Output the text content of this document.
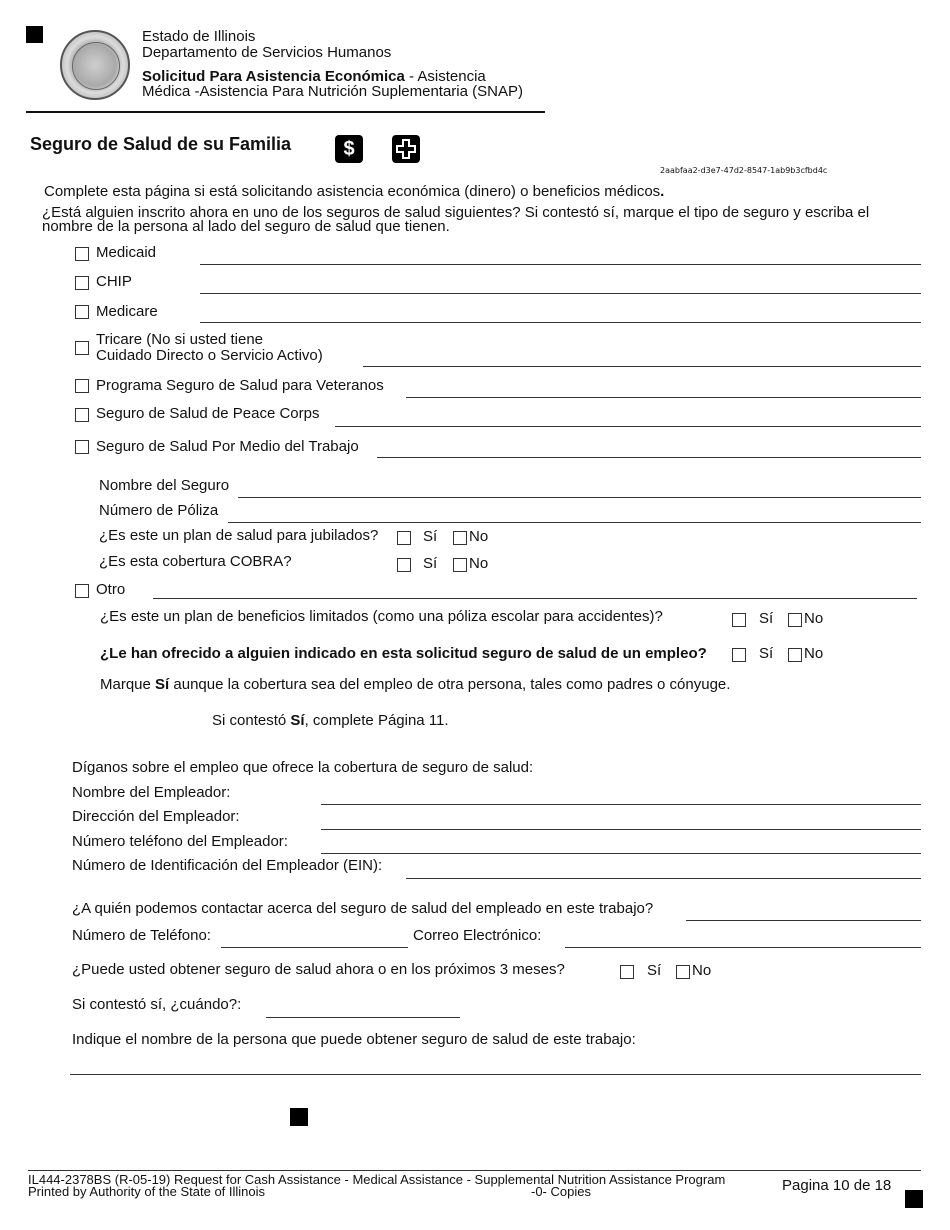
Estado de Illinois
Departamento de Servicios Humanos
Solicitud Para Asistencia Económica - Asistencia
Médica -Asistencia Para Nutrición Suplementaria (SNAP)
Seguro de Salud de su Familia	$
2aabfaa2-d3e7-47d2-8547-1ab9b3cfbd4c
Complete esta página si está solicitando asistencia económica (dinero) o beneficios médicos.
¿Está alguien inscrito ahora en uno de los seguros de salud siguientes? Si contestó sí, marque el tipo de seguro y escriba el
nombre de la persona al lado del seguro de salud que tienen.
Medicaid
CHIP
Medicare
Tricare (No si usted tiene
Cuidado Directo o Servicio Activo)
Programa Seguro de Salud para Veteranos
Seguro de Salud de Peace Corps
Seguro de Salud Por Medio del Trabajo
Nombre del Seguro
Número de Póliza
¿Es este un plan de salud para jubilados?	Sí No
¿Es esta cobertura COBRA?	Sí No
Otro
¿Es este un plan de beneficios limitados (como una póliza escolar para accidentes)?	Sí No
¿Le han ofrecido a alguien indicado en esta solicitud seguro de salud de un empleo?	Sí No
Marque Sí aunque la cobertura sea del empleo de otra persona, tales como padres o cónyuge.
Si contestó Sí, complete Página 11.
Díganos sobre el empleo que ofrece la cobertura de seguro de salud:
Nombre del Empleador:
Dirección del Empleador:
Número teléfono del Empleador:
Número de Identificación del Empleador (EIN):
¿A quién podemos contactar acerca del seguro de salud del empleado en este trabajo?
Número de Teléfono:	Correo Electrónico:
¿Puede usted obtener seguro de salud ahora o en los próximos 3 meses?	Sí No
Si contestó sí, ¿cuándo?:
Indique el nombre de la persona que puede obtener seguro de salud de este trabajo:
IL444-2378BS (R-05-19) Request for Cash Assistance - Medical Assistance - Supplemental Nutrition Assistance Program
Printed by Authority of the State of Illinois	-0- Copies	Pagina 10 de 18
